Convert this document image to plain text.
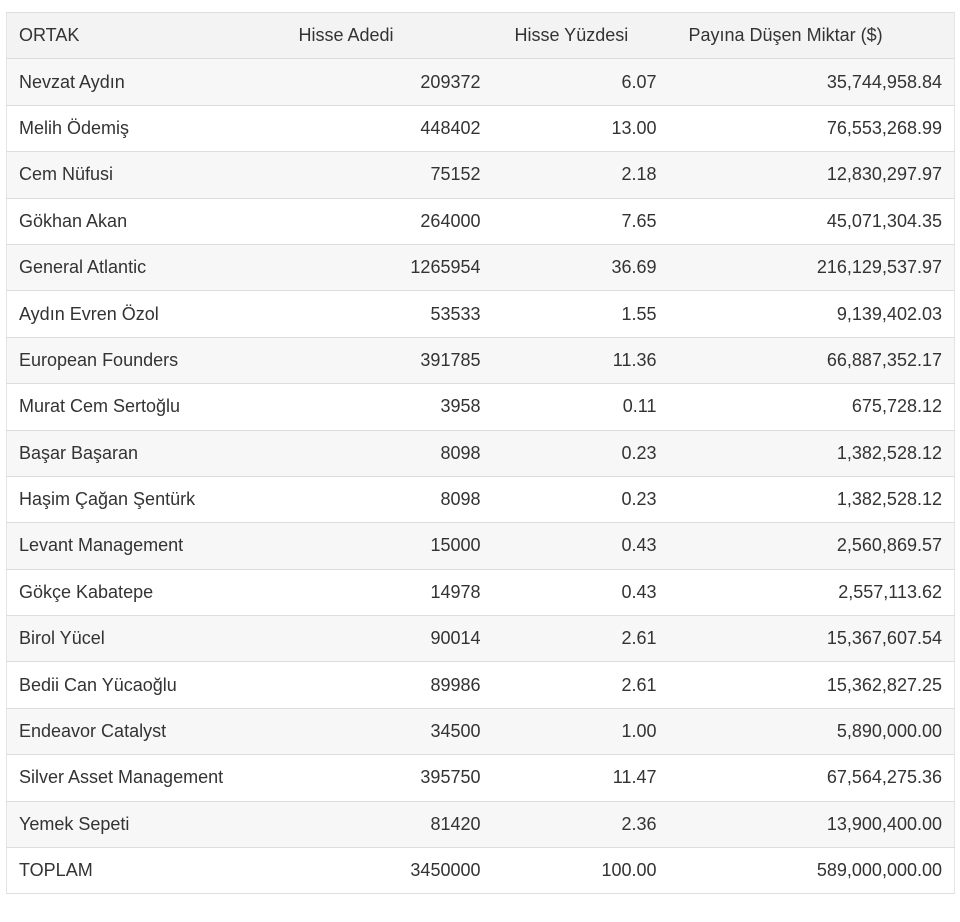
ORTAK	Hisse Adedi	Hisse Yüzdesi	Payına Düşen Miktar ($)
Nevzat Aydın	209372	6.07	35,744,958.84
Melih Ödemiş	448402	13.00	76,553,268.99
Cem Nüfusi	75152	2.18	12,830,297.97
Gökhan Akan	264000	7.65	45,071,304.35
General Atlantic	1265954	36.69	216,129,537.97
Aydın Evren Özol	53533	1.55	9,139,402.03
European Founders	391785	11.36	66,887,352.17
Murat Cem Sertoğlu	3958	0.11	675,728.12
Başar Başaran	8098	0.23	1,382,528.12
Haşim Çağan Şentürk	8098	0.23	1,382,528.12
Levant Management	15000	0.43	2,560,869.57
Gökçe Kabatepe	14978	0.43	2,557,113.62
Birol Yücel	90014	2.61	15,367,607.54
Bedii Can Yücaoğlu	89986	2.61	15,362,827.25
Endeavor Catalyst	34500	1.00	5,890,000.00
Silver Asset Management	395750	11.47	67,564,275.36
Yemek Sepeti	81420	2.36	13,900,400.00
TOPLAM	3450000	100.00	589,000,000.00
